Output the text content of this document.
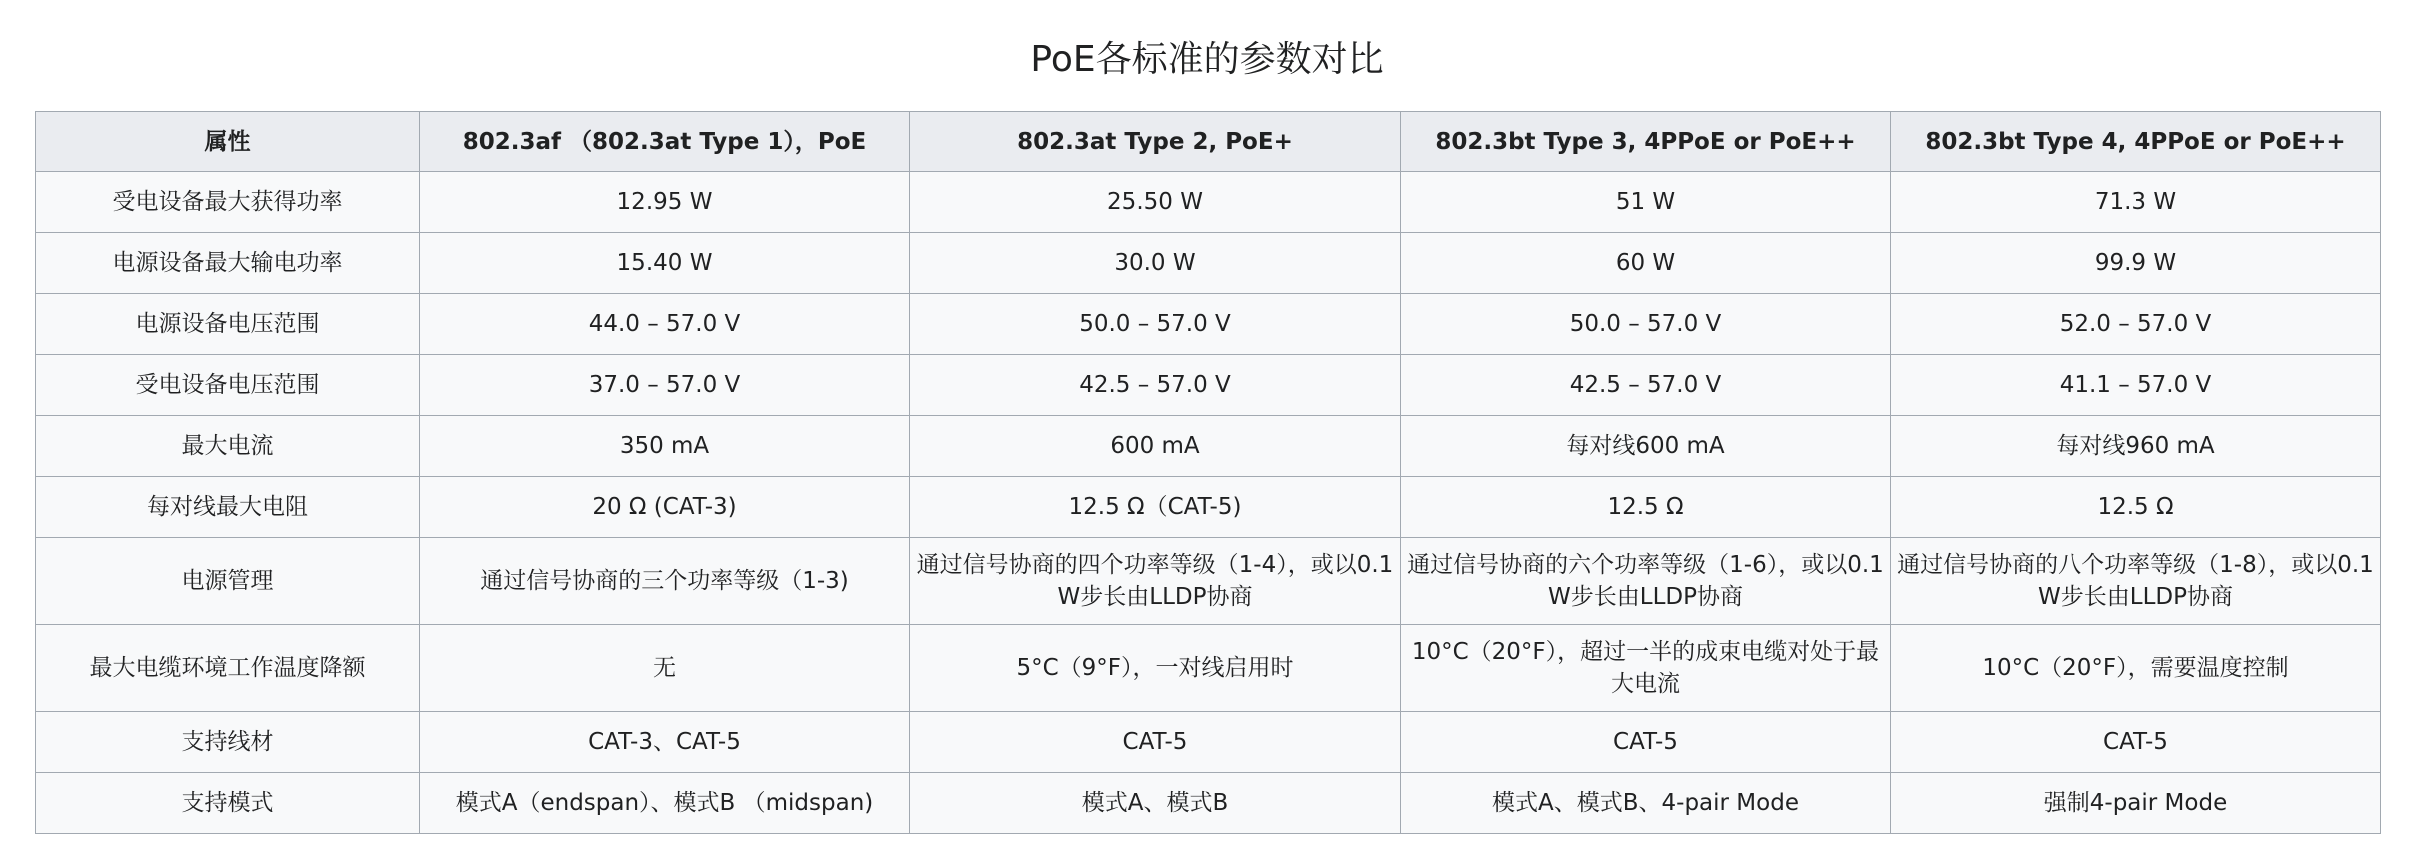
PoE各标准的参数对比
属性	802.3af （802.3at Type 1），PoE	802.3at Type 2, PoE+	802.3bt Type 3, 4PPoE or PoE++	802.3bt Type 4, 4PPoE or PoE++
受电设备最大获得功率	12.95 W	25.50 W	51 W	71.3 W
电源设备最大输电功率	15.40 W	30.0 W	60 W	99.9 W
电源设备电压范围	44.0 – 57.0 V	50.0 – 57.0 V	50.0 – 57.0 V	52.0 – 57.0 V
受电设备电压范围	37.0 – 57.0 V	42.5 – 57.0 V	42.5 – 57.0 V	41.1 – 57.0 V
最大电流	350 mA	600 mA	每对线600 mA	每对线960 mA
每对线最大电阻	20 Ω (CAT-3)	12.5 Ω（CAT-5)	12.5 Ω	12.5 Ω
电源管理	通过信号协商的三个功率等级（1-3)	通过信号协商的四个功率等级（1-4），或以0.1 W步长由LLDP协商	通过信号协商的六个功率等级（1-6），或以0.1 W步长由LLDP协商	通过信号协商的八个功率等级（1-8），或以0.1 W步长由LLDP协商
最大电缆环境工作温度降额	无	5°C（9°F），一对线启用时	10°C（20°F），超过一半的成束电缆对处于最大电流	10°C（20°F），需要温度控制
支持线材	CAT-3、CAT-5	CAT-5	CAT-5	CAT-5
支持模式	模式A（endspan）、模式B （midspan)	模式A、模式B	模式A、模式B、4-pair Mode	强制4-pair Mode
